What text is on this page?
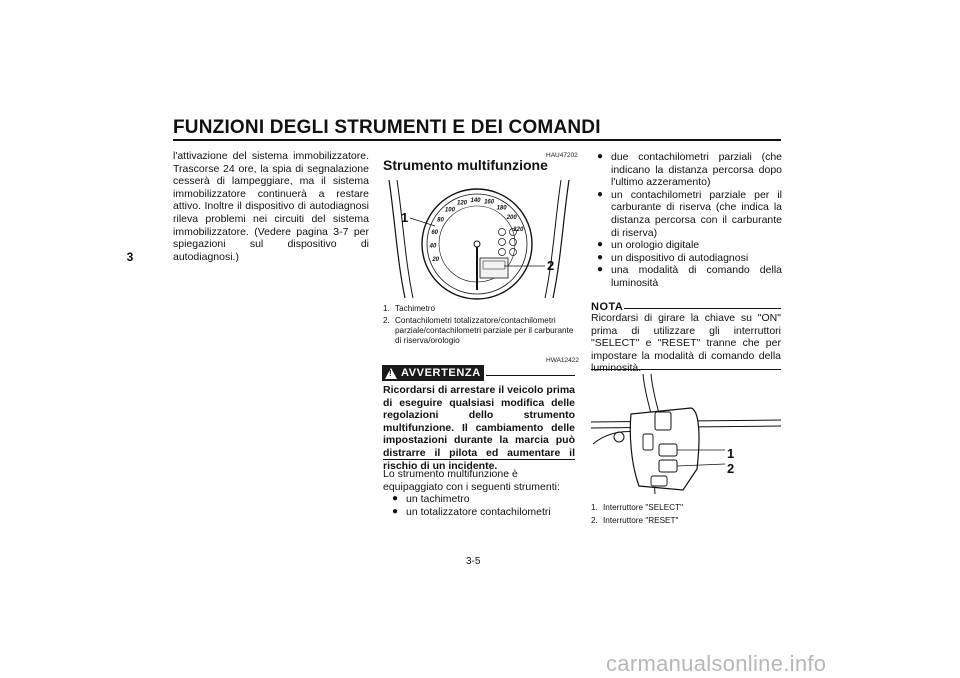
FUNZIONI DEGLI STRUMENTI E DEI COMANDI
3
l'attivazione del sistema immobilizzatore. Trascorse 24 ore, la spia di segnalazione cesserà di lampeggiare, ma il sistema immobilizzatore continuerà a restare attivo. Inoltre il dispositivo di autodiagnosi rileva problemi nei circuiti del sistema immobilizzatore. (Vedere pagina 3-7 per spiegazioni sul dispositivo di autodiagnosi.)
HAU47202
Strumento multifunzione
20
40
60
80
100
120 140 160
180
200
220
1
2
1. Tachimetro
2. Contachilometri totalizzatore/contachilometri parziale/contachilometri parziale per il carburante di riserva/orologio
HWA12422
! AVVERTENZA
Ricordarsi di arrestare il veicolo prima di eseguire qualsiasi modifica delle regolazioni dello strumento multifunzione. Il cambiamento delle impostazioni durante la marcia può distrarre il pilota ed aumentare il rischio di un incidente.
Lo strumento multifunzione è equipaggiato con i seguenti strumenti:
● un tachimetro
● un totalizzatore contachilometri
● due contachilometri parziali (che indicano la distanza percorsa dopo l'ultimo azzeramento)
● un contachilometri parziale per il carburante di riserva (che indica la distanza percorsa con il carburante di riserva)
● un orologio digitale
● un dispositivo di autodiagnosi
● una modalità di comando della luminosità
NOTA
Ricordarsi di girare la chiave su "ON" prima di utilizzare gli interruttori "SELECT" e "RESET" tranne che per impostare la modalità di comando della
1
2
1. Interruttore "SELECT"
2. Interruttore "RESET"
3-5
carmanualsonline.info
